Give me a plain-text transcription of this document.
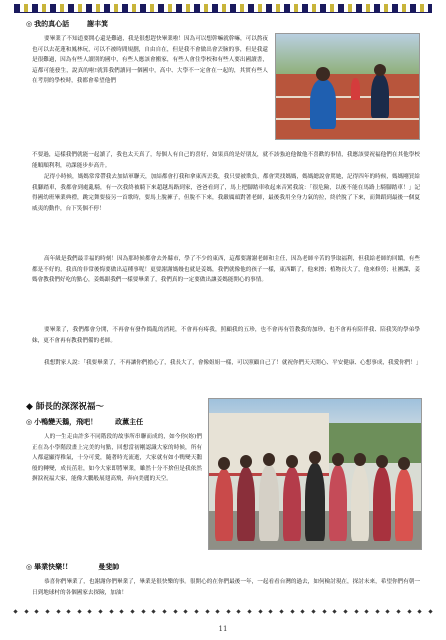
◎ 我的真心話	謝丰箕

要畢業了不知道要開心還是難過，我是很想趕快畢業啦！因為可以想幹嘛就幹嘛，可以熬夜也可以去花蓮和鳳林玩，可以不被時間規劃，自由自在，但是我不會做出會丟臉的事，但是我還是很難過，因為有些人讀別的國中，有些人應該會搬家，有些人會住學校和有些人要出國讀書，這都可能發生，說真的啦!就算我們讀同一個國中，高中、大學不一定會在一起的，其實有些人在考別的學校時，我都會希望他們

不要過，這樣我們就能一起讀了，我也太天真了，每個人有自己的喜好，如果真的是好朋友，就不該強迫他做他不喜歡的事情，我應該要祝福他們在其他學校能順順利利，功課能步步高升。

記得小時候，媽媽常常帶我去加結軍聯天，加結都會打我和拿東西丟我，我只要被欺負，都會哭找媽媽，媽媽總說會罵她，記得四年的時候，媽媽剛買給我腳踏車，我都會到處亂騎，有一次我終被騎下來超越馬路到家，爸爸看到了，馬上把腳踏車收起來音罵我說：「很危險，以後不能在馬路上騎腳踏車！」記得國幼班畢業典禮，跳完舞要接另一首歌時，要馬上脫褲子，但脫不下來，我嚴厲頭對著老師，最後我用全身力氣的拉，終於脫了下來，而舞蹈到最後一個夏威夷的動作，台下笑個不停！

高年級是我們最幸福的時刻！因為那時候都會去外縣市，學了不少的東西，這都要謝謝老師和主任，因為老師辛苦的爭取福利，但我給老師的回饋，有些都是不好的，我真的非常後悔要做出這種事呢！更要謝謝媽嫚也就是姜媽，我們就像他的孩子一樣，東西斷了，他來擦；植物長大了，他來修剪；社團課，姜媽會教我們好吃的點心，姜媽跟我們一樣要畢業了，我們真的一定要做出讓姜媽能開心的事情。

要畢業了，我們都會分開，不再會有發作搗亂的消耗，不會再有疼我，照顧我的五珍，也不會再有管教我的加珍，也不會再有陪伴我、陪我笑的學弟學妹，更不會再有教我們備的老師。

我想對家人說：「我要畢業了，不再讓你們擔心了，我長大了，會像姐姐一樣，可以照顧自己了！就祝你們天天開心、平安健康、心想事成，我愛你們！」

◆ 師長的深深祝福～
◎ 小鴨變天鵝，飛吧！	政薰主任

人的一生走由許多不同階段的故事所串聯而成的，如今你(妳)們正在為小學階段畫上完美的句點，回想當初剛認識大家的時候，所有人都還顯得稚氣，十分可愛，隨著時光流逝，大家就有如小鴨變天鵝般的轉變，成長茁壯，如今大家即將畢業，雖然十分不捨但是我依然摒淚祝福大家，能像大鵬般展翅高飛，奔向美麗的天空。

◎ 畢業快樂!!	曼斐帥

恭喜你們畢業了，也謝謝你們畢業了，畢業是很快樂的事。很開心的在你們最後一年，一起看看台灣的過去，如何檢討現在，探討未來，希望你們有朝一日到地球村的各個國家去探險，加油！

11
